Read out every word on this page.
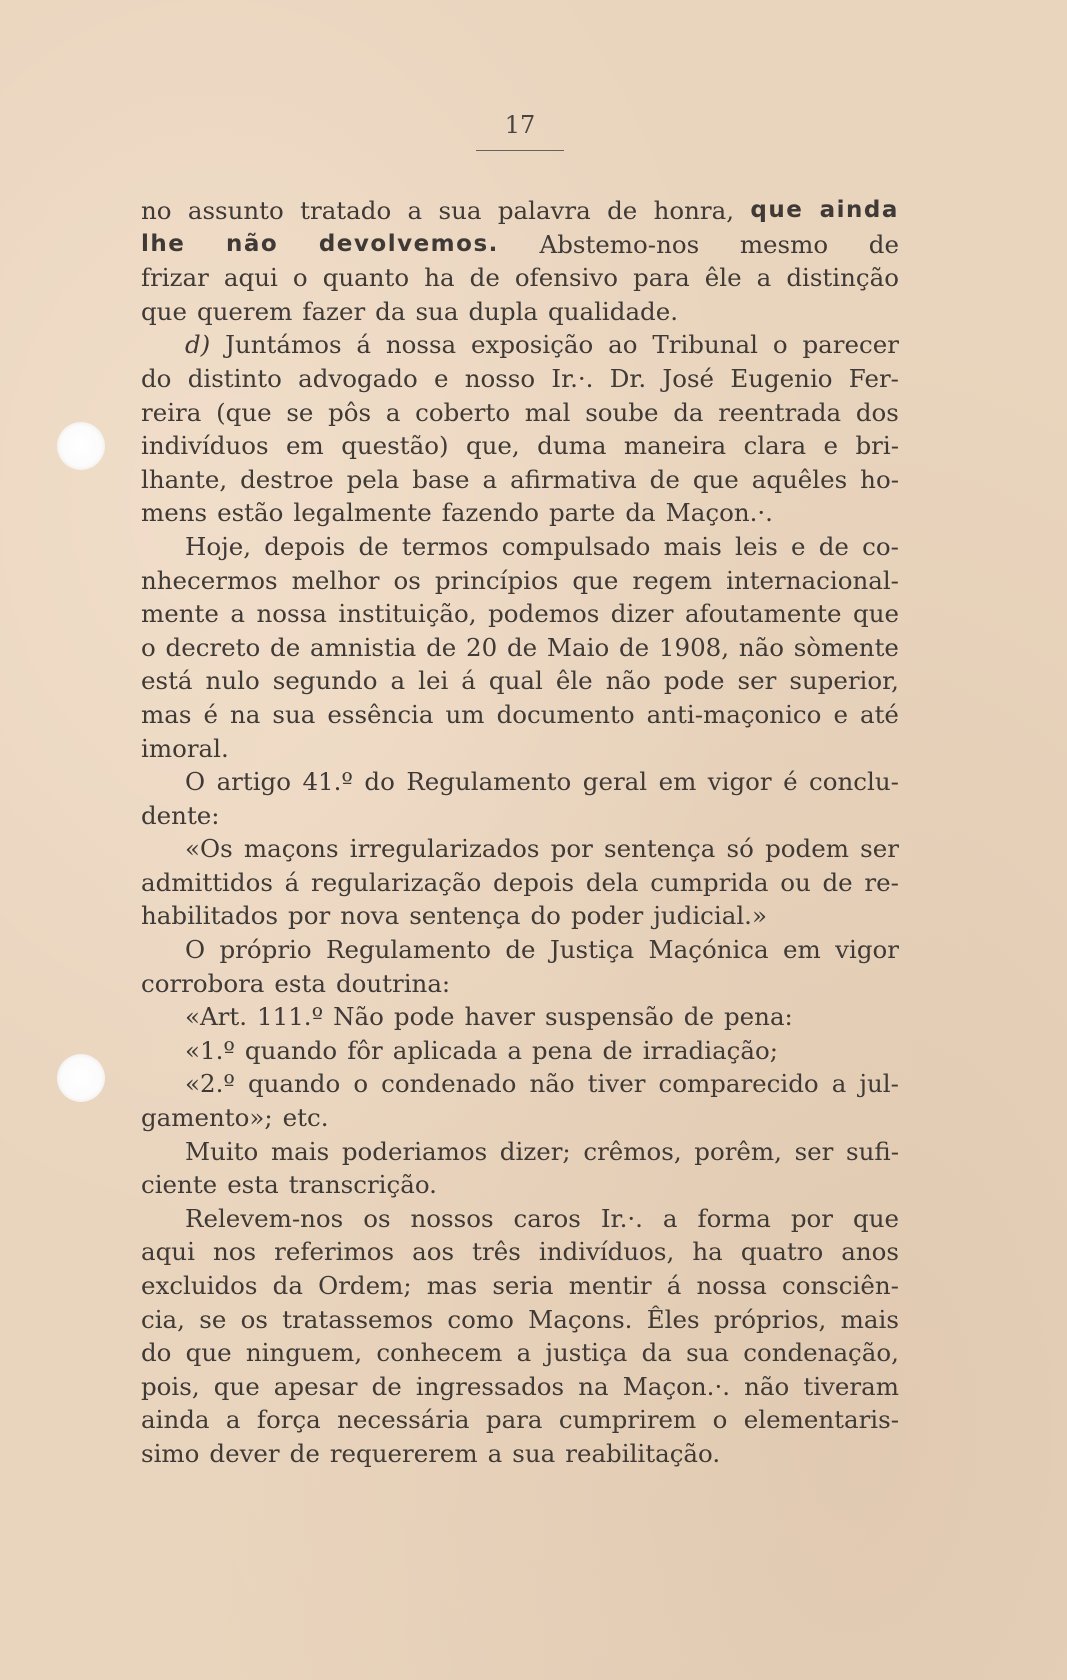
17
no assunto tratado a sua palavra de honra, que ainda
lhe não devolvemos. Abstemo-nos mesmo de
frizar aqui o quanto ha de ofensivo para êle a distinção
que querem fazer da sua dupla qualidade.
d) Juntámos á nossa exposição ao Tribunal o parecer
do distinto advogado e nosso Ir.·. Dr. José Eugenio Fer-
reira (que se pôs a coberto mal soube da reentrada dos
indivíduos em questão) que, duma maneira clara e bri-
lhante, destroe pela base a afirmativa de que aquêles ho-
mens estão legalmente fazendo parte da Maçon.·.
Hoje, depois de termos compulsado mais leis e de co-
nhecermos melhor os princípios que regem internacional-
mente a nossa instituição, podemos dizer afoutamente que
o decreto de amnistia de 20 de Maio de 1908, não sòmente
está nulo segundo a lei á qual êle não pode ser superior,
mas é na sua essência um documento anti-maçonico e até
imoral.
O artigo 41.º do Regulamento geral em vigor é conclu-
dente:
«Os maçons irregularizados por sentença só podem ser
admittidos á regularização depois dela cumprida ou de re-
habilitados por nova sentença do poder judicial.»
O próprio Regulamento de Justiça Maçónica em vigor
corrobora esta doutrina:
«Art. 111.º Não pode haver suspensão de pena:
«1.º quando fôr aplicada a pena de irradiação;
«2.º quando o condenado não tiver comparecido a jul-
gamento»; etc.
Muito mais poderiamos dizer; crêmos, porêm, ser sufi-
ciente esta transcrição.
Relevem-nos os nossos caros Ir.·. a forma por que
aqui nos referimos aos três indivíduos, ha quatro anos
excluidos da Ordem; mas seria mentir á nossa consciên-
cia, se os tratassemos como Maçons. Êles próprios, mais
do que ninguem, conhecem a justiça da sua condenação,
pois, que apesar de ingressados na Maçon.·. não tiveram
ainda a força necessária para cumprirem o elementaris-
simo dever de requererem a sua reabilitação.
